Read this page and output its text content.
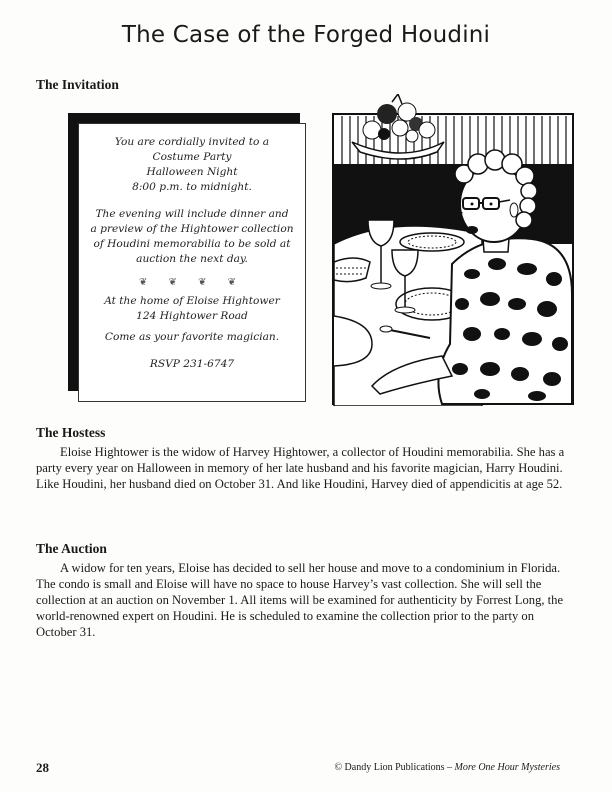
The Case of the Forged Houdini
The Invitation
You are cordially invited to a
Costume Party
Halloween Night
8:00 p.m. to midnight.
The evening will include dinner and
a preview of the Hightower collection
of Houdini memorabilia to be sold at
auction the next day.
❦ ❦ ❦ ❦
At the home of Eloise Hightower
124 Hightower Road
Come as your favorite magician.
RSVP 231-6747
The Hostess

Eloise Hightower is the widow of Harvey Hightower, a collector of Houdini memorabilia. She has a party every year on Halloween in memory of her late husband and his favorite magician, Harry Houdini. Like Houdini, her husband died on October 31. And like Houdini, Harvey died of appendicitis at age 52.

The Auction

A widow for ten years, Eloise has decided to sell her house and move to a condominium in Florida. The condo is small and Eloise will have no space to house Harvey’s vast collection. She will sell the collection at an auction on November 1. All items will be examined for authenticity by Forrest Long, the world-renowned expert on Houdini. He is scheduled to examine the collection prior to the party on October 31.

28	© Dandy Lion Publications – More One Hour Mysteries
